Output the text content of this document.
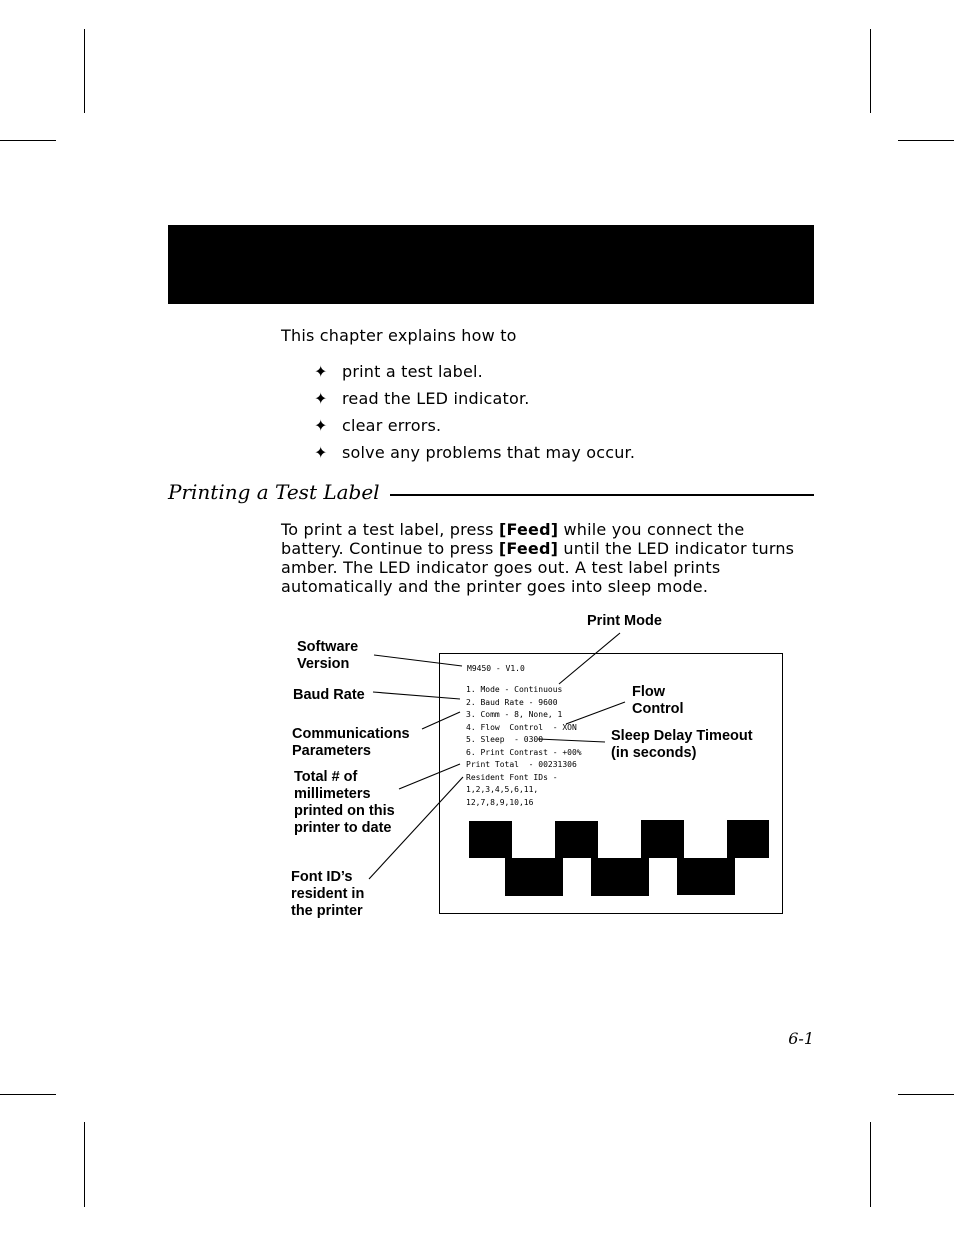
This chapter explains how to
✦ print a test label.
✦ read the LED indicator.
✦ clear errors.
✦ solve any problems that may occur.
Printing a Test Label

To print a test label, press [Feed] while you connect the battery. Continue to press [Feed] until the LED indicator turns amber. The LED indicator goes out. A test label prints automatically and the printer goes into sleep mode.

M9450 - V1.0
1. Mode - Continuous
2. Baud Rate - 9600
3. Comm - 8, None, 1
4. Flow  Control  - XON
5. Sleep  - 0300
6. Print Contrast - +00%
Print Total  - 00231306
Resident Font IDs -
1,2,3,4,5,6,11,
12,7,8,9,10,16
Software
Version
Baud Rate
Communications
Parameters
Total # of
millimeters
printed on this
printer to date
Font ID’s
resident in
the printer
Print Mode
Flow
Control
Sleep Delay Timeout
(in seconds)
6-1
